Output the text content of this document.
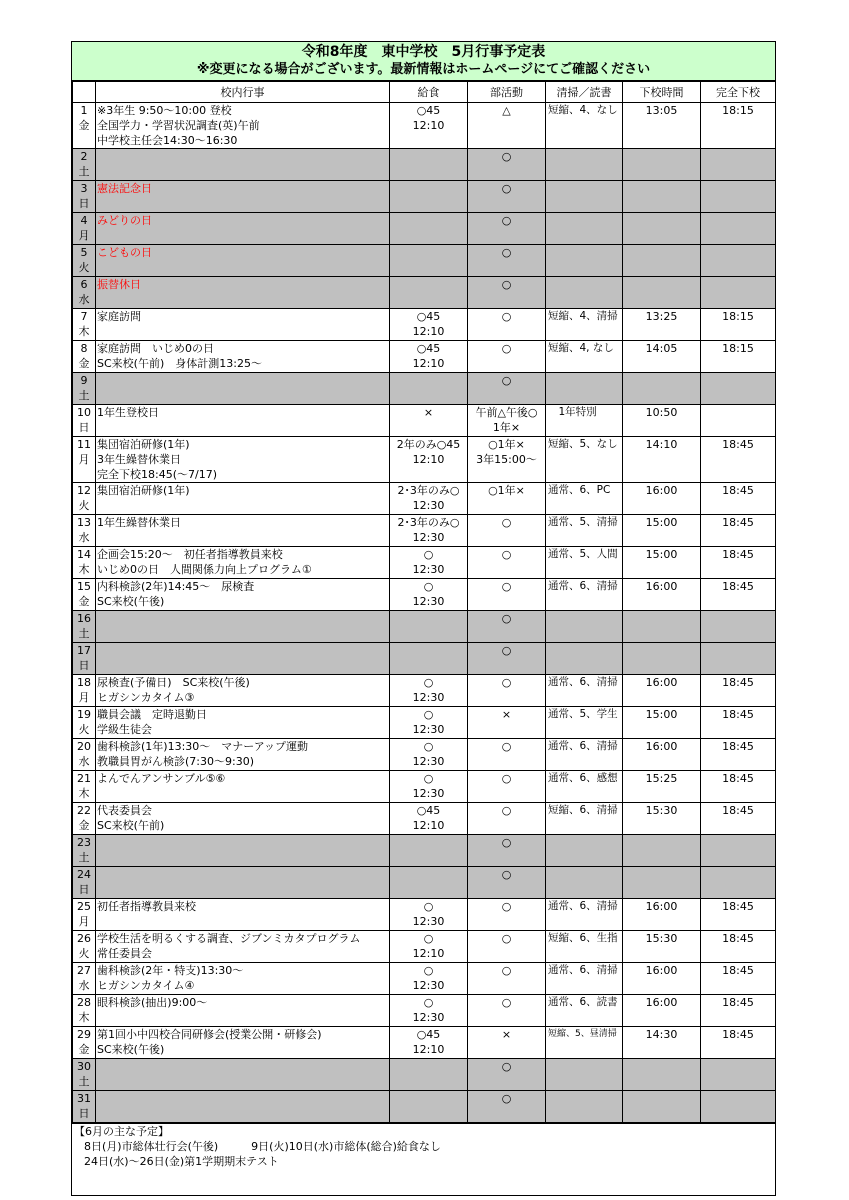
令和8年度　東中学校　5月行事予定表
※変更になる場合がございます。最新情報はホームページにてご確認ください
	校内行事	給食	部活動	清掃／読書	下校時間	完全下校

1
金	※3年生 9:50〜10:00 登校
全国学力・学習状況調査(英)午前
中学校主任会14:30〜16:30	○45
12:10	△	短縮、4、なし	13:05	18:15

2
土			○			

3
日	憲法記念日		○			

4
月	みどりの日		○			

5
火	こどもの日		○			

6
水	振替休日		○			

7
木	家庭訪問	○45
12:10	○	短縮、4、清掃	13:25	18:15

8
金	家庭訪問　いじめ0の日
SC来校(午前)　身体計測13:25〜	○45
12:10	○	短縮、4, なし	14:05	18:15

9
土			○			

10
日	1年生登校日	×	午前△午後○
1年×	　1年特別	10:50	

11
月	集団宿泊研修(1年)
3年生繰替休業日
完全下校18:45(〜7/17)	2年のみ○45
12:10	○1年×
3年15:00〜	短縮、5、なし	14:10	18:45

12
火	集団宿泊研修(1年)	2･3年のみ○
12:30	○1年×	通常、6、PC	16:00	18:45

13
水	1年生繰替休業日	2･3年のみ○
12:30	○	通常、5、清掃	15:00	18:45

14
木	企画会15:20〜　初任者指導教員来校
いじめ0の日　人間関係力向上プログラム①	○
12:30	○	通常、5、人間	15:00	18:45

15
金	内科検診(2年)14:45〜　尿検査
SC来校(午後)	○
12:30	○	通常、6、清掃	16:00	18:45

16
土			○			

17
日			○			

18
月	尿検査(予備日)　SC来校(午後)
ヒガシンカタイム③	○
12:30	○	通常、6、清掃	16:00	18:45

19
火	職員会議　定時退勤日
学級生徒会	○
12:30	×	通常、5、学生	15:00	18:45

20
水	歯科検診(1年)13:30〜　マナーアップ運動
教職員胃がん検診(7:30〜9:30)	○
12:30	○	通常、6、清掃	16:00	18:45

21
木	よんでんアンサンブル⑤⑥	○
12:30	○	通常、6、感想	15:25	18:45

22
金	代表委員会
SC来校(午前)	○45
12:10	○	短縮、6、清掃	15:30	18:45

23
土			○			

24
日			○			

25
月	初任者指導教員来校	○
12:30	○	通常、6、清掃	16:00	18:45

26
火	学校生活を明るくする調査、ジブンミカタプログラム
常任委員会	○
12:10	○	短縮、6、生指	15:30	18:45

27
水	歯科検診(2年・特支)13:30〜
ヒガシンカタイム④	○
12:30	○	通常、6、清掃	16:00	18:45

28
木	眼科検診(抽出)9:00〜	○
12:30	○	通常、6、読書	16:00	18:45

29
金	第1回小中四校合同研修会(授業公開・研修会)
SC来校(午後)	○45
12:10	×	短縮、5、昼清掃	14:30	18:45

30
土			○			

31
日			○			

【6月の主な予定】
8日(月)市総体壮行会(午後)　　　9日(火)10日(水)市総体(総合)給食なし
24日(水)〜26日(金)第1学期期末テスト
